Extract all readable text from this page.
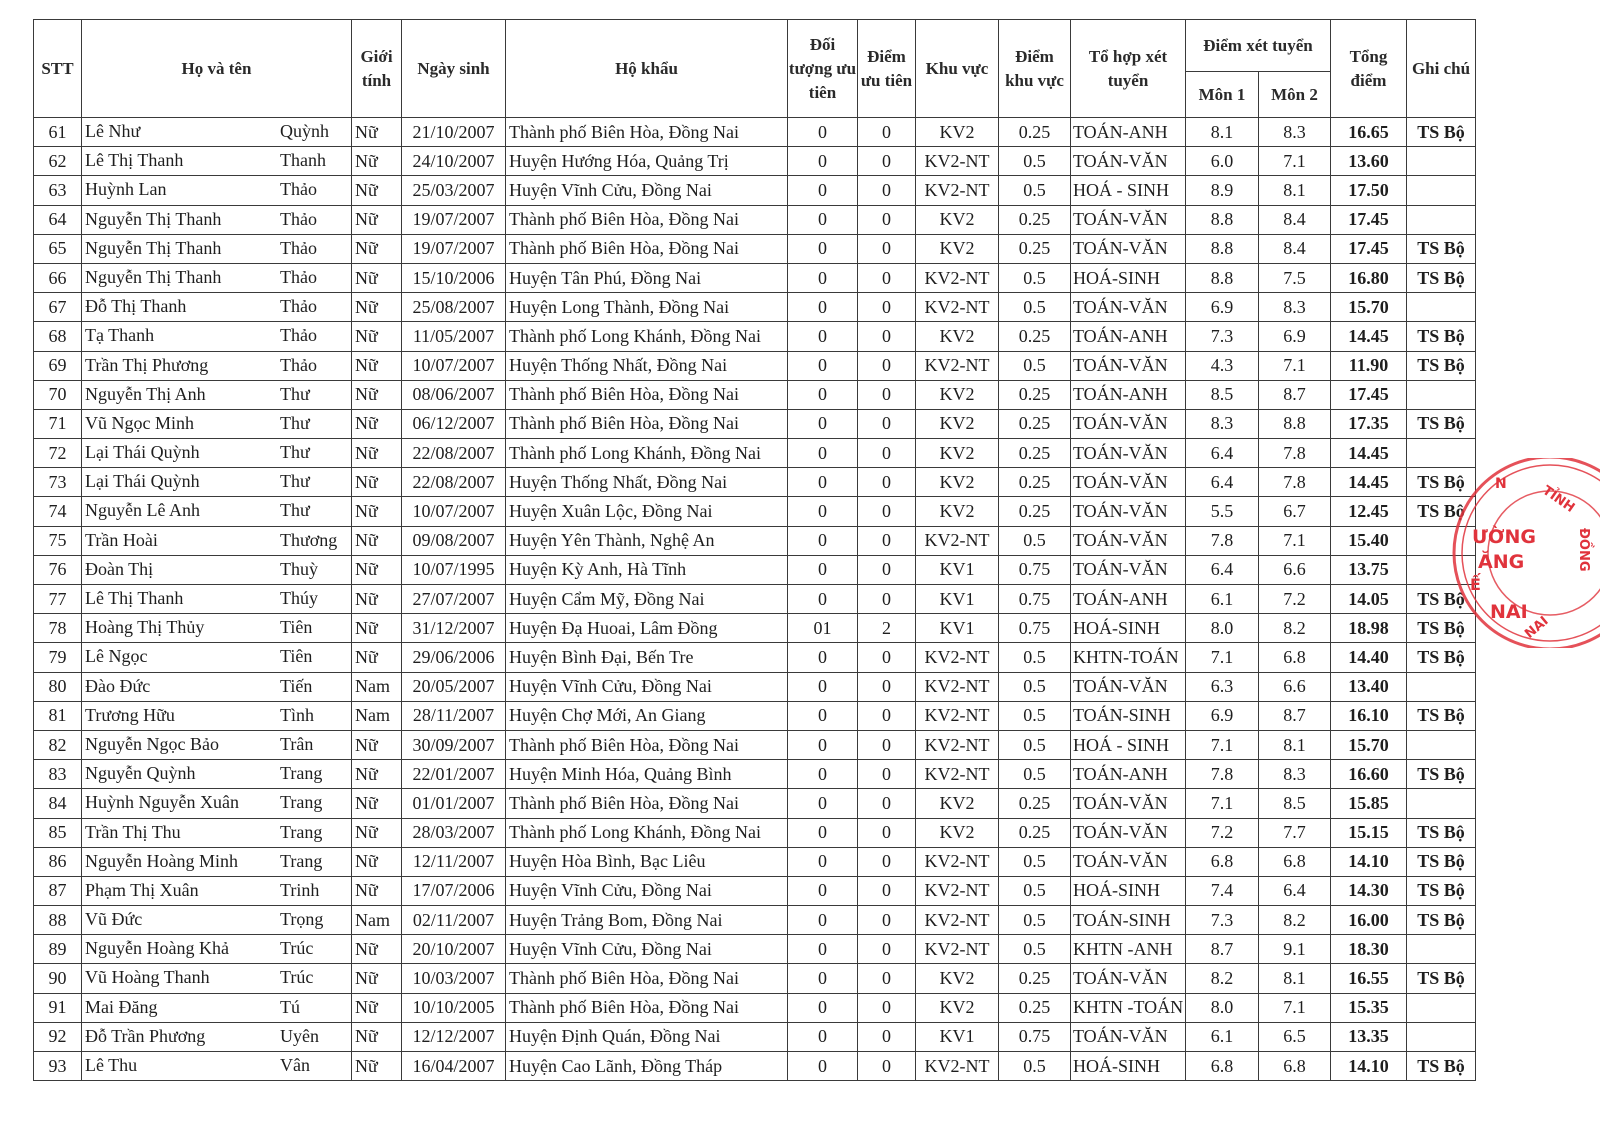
STT	Họ và tên	Giới tính	Ngày sinh	Hộ khẩu	Đối tượng ưu tiên	Điểm ưu tiên	Khu vực	Điểm khu vực	Tổ hợp xét tuyển	Điểm xét tuyển		Tổng điểm	Ghi chú
										Môn 1	Môn 2		
61	Lê Như Quỳnh	Nữ	21/10/2007	Thành phố Biên Hòa, Đồng Nai	0	0	KV2	0.25	TOÁN-ANH	8.1	8.3	16.65	TS Bộ
62	Lê Thị Thanh Thanh	Nữ	24/10/2007	Huyện Hướng Hóa, Quảng Trị	0	0	KV2-NT	0.5	TOÁN-VĂN	6.0	7.1	13.60	
63	Huỳnh Lan Thảo	Nữ	25/03/2007	Huyện Vĩnh Cửu, Đồng Nai	0	0	KV2-NT	0.5	HOÁ - SINH	8.9	8.1	17.50	
64	Nguyễn Thị Thanh Thảo	Nữ	19/07/2007	Thành phố Biên Hòa, Đồng Nai	0	0	KV2	0.25	TOÁN-VĂN	8.8	8.4	17.45	
65	Nguyễn Thị Thanh Thảo	Nữ	19/07/2007	Thành phố Biên Hòa, Đồng Nai	0	0	KV2	0.25	TOÁN-VĂN	8.8	8.4	17.45	TS Bộ
66	Nguyễn Thị Thanh Thảo	Nữ	15/10/2006	Huyện Tân Phú, Đồng Nai	0	0	KV2-NT	0.5	HOÁ-SINH	8.8	7.5	16.80	TS Bộ
67	Đỗ Thị Thanh Thảo	Nữ	25/08/2007	Huyện Long Thành, Đồng Nai	0	0	KV2-NT	0.5	TOÁN-VĂN	6.9	8.3	15.70	
68	Tạ Thanh Thảo	Nữ	11/05/2007	Thành phố Long Khánh, Đồng Nai	0	0	KV2	0.25	TOÁN-ANH	7.3	6.9	14.45	TS Bộ
69	Trần Thị Phương Thảo	Nữ	10/07/2007	Huyện Thống Nhất, Đồng Nai	0	0	KV2-NT	0.5	TOÁN-VĂN	4.3	7.1	11.90	TS Bộ
70	Nguyễn Thị Anh Thư	Nữ	08/06/2007	Thành phố Biên Hòa, Đồng Nai	0	0	KV2	0.25	TOÁN-ANH	8.5	8.7	17.45	
71	Vũ Ngọc Minh Thư	Nữ	06/12/2007	Thành phố Biên Hòa, Đồng Nai	0	0	KV2	0.25	TOÁN-VĂN	8.3	8.8	17.35	TS Bộ
72	Lại Thái Quỳnh Thư	Nữ	22/08/2007	Thành phố Long Khánh, Đồng Nai	0	0	KV2	0.25	TOÁN-VĂN	6.4	7.8	14.45	
73	Lại Thái Quỳnh Thư	Nữ	22/08/2007	Huyện Thống Nhất, Đồng Nai	0	0	KV2	0.25	TOÁN-VĂN	6.4	7.8	14.45	TS Bộ
74	Nguyễn Lê Anh Thư	Nữ	10/07/2007	Huyện Xuân Lộc, Đồng Nai	0	0	KV2	0.25	TOÁN-VĂN	5.5	6.7	12.45	TS Bộ
75	Trần Hoài Thương	Nữ	09/08/2007	Huyện Yên Thành, Nghệ An	0	0	KV2-NT	0.5	TOÁN-VĂN	7.8	7.1	15.40	
76	Đoàn Thị Thuỳ	Nữ	10/07/1995	Huyện Kỳ Anh, Hà Tĩnh	0	0	KV1	0.75	TOÁN-VĂN	6.4	6.6	13.75	
77	Lê Thị Thanh Thúy	Nữ	27/07/2007	Huyện Cẩm Mỹ, Đồng Nai	0	0	KV1	0.75	TOÁN-ANH	6.1	7.2	14.05	TS Bộ
78	Hoàng Thị Thủy Tiên	Nữ	31/12/2007	Huyện Đạ Huoai, Lâm Đồng	01	2	KV1	0.75	HOÁ-SINH	8.0	8.2	18.98	TS Bộ
79	Lê Ngọc Tiên	Nữ	29/06/2006	Huyện Bình Đại, Bến Tre	0	0	KV2-NT	0.5	KHTN-TOÁN	7.1	6.8	14.40	TS Bộ
80	Đào Đức Tiến	Nam	20/05/2007	Huyện Vĩnh Cửu, Đồng Nai	0	0	KV2-NT	0.5	TOÁN-VĂN	6.3	6.6	13.40	
81	Trương Hữu Tình	Nam	28/11/2007	Huyện Chợ Mới, An Giang	0	0	KV2-NT	0.5	TOÁN-SINH	6.9	8.7	16.10	TS Bộ
82	Nguyễn Ngọc Bảo Trân	Nữ	30/09/2007	Thành phố Biên Hòa, Đồng Nai	0	0	KV2-NT	0.5	HOÁ - SINH	7.1	8.1	15.70	
83	Nguyễn Quỳnh Trang	Nữ	22/01/2007	Huyện Minh Hóa, Quảng Bình	0	0	KV2-NT	0.5	TOÁN-ANH	7.8	8.3	16.60	TS Bộ
84	Huỳnh Nguyễn Xuân Trang	Nữ	01/01/2007	Thành phố Biên Hòa, Đồng Nai	0	0	KV2	0.25	TOÁN-VĂN	7.1	8.5	15.85	
85	Trần Thị Thu Trang	Nữ	28/03/2007	Thành phố Long Khánh, Đồng Nai	0	0	KV2	0.25	TOÁN-VĂN	7.2	7.7	15.15	TS Bộ
86	Nguyễn Hoàng Minh Trang	Nữ	12/11/2007	Huyện Hòa Bình, Bạc Liêu	0	0	KV2-NT	0.5	TOÁN-VĂN	6.8	6.8	14.10	TS Bộ
87	Phạm Thị Xuân Trinh	Nữ	17/07/2006	Huyện Vĩnh Cửu, Đồng Nai	0	0	KV2-NT	0.5	HOÁ-SINH	7.4	6.4	14.30	TS Bộ
88	Vũ Đức Trọng	Nam	02/11/2007	Huyện Trảng Bom, Đồng Nai	0	0	KV2-NT	0.5	TOÁN-SINH	7.3	8.2	16.00	TS Bộ
89	Nguyễn Hoàng Khả Trúc	Nữ	20/10/2007	Huyện Vĩnh Cửu, Đồng Nai	0	0	KV2-NT	0.5	KHTN -ANH	8.7	9.1	18.30	
90	Vũ Hoàng Thanh Trúc	Nữ	10/03/2007	Thành phố Biên Hòa, Đồng Nai	0	0	KV2	0.25	TOÁN-VĂN	8.2	8.1	16.55	TS Bộ
91	Mai Đăng Tú	Nữ	10/10/2005	Thành phố Biên Hòa, Đồng Nai	0	0	KV2	0.25	KHTN -TOÁN	8.0	7.1	15.35	
92	Đỗ Trần Phương Uyên	Nữ	12/12/2007	Huyện Định Quán, Đồng Nai	0	0	KV1	0.75	TOÁN-VĂN	6.1	6.5	13.35	
93	Lê Thu Vân	Nữ	16/04/2007	Huyện Cao Lãnh, Đồng Tháp	0	0	KV2-NT	0.5	HOÁ-SINH	6.8	6.8	14.10	TS Bộ
N	TỈNH
ƯỜNG
ĂNG
Ế
NAI
ĐỒNG
NAI
